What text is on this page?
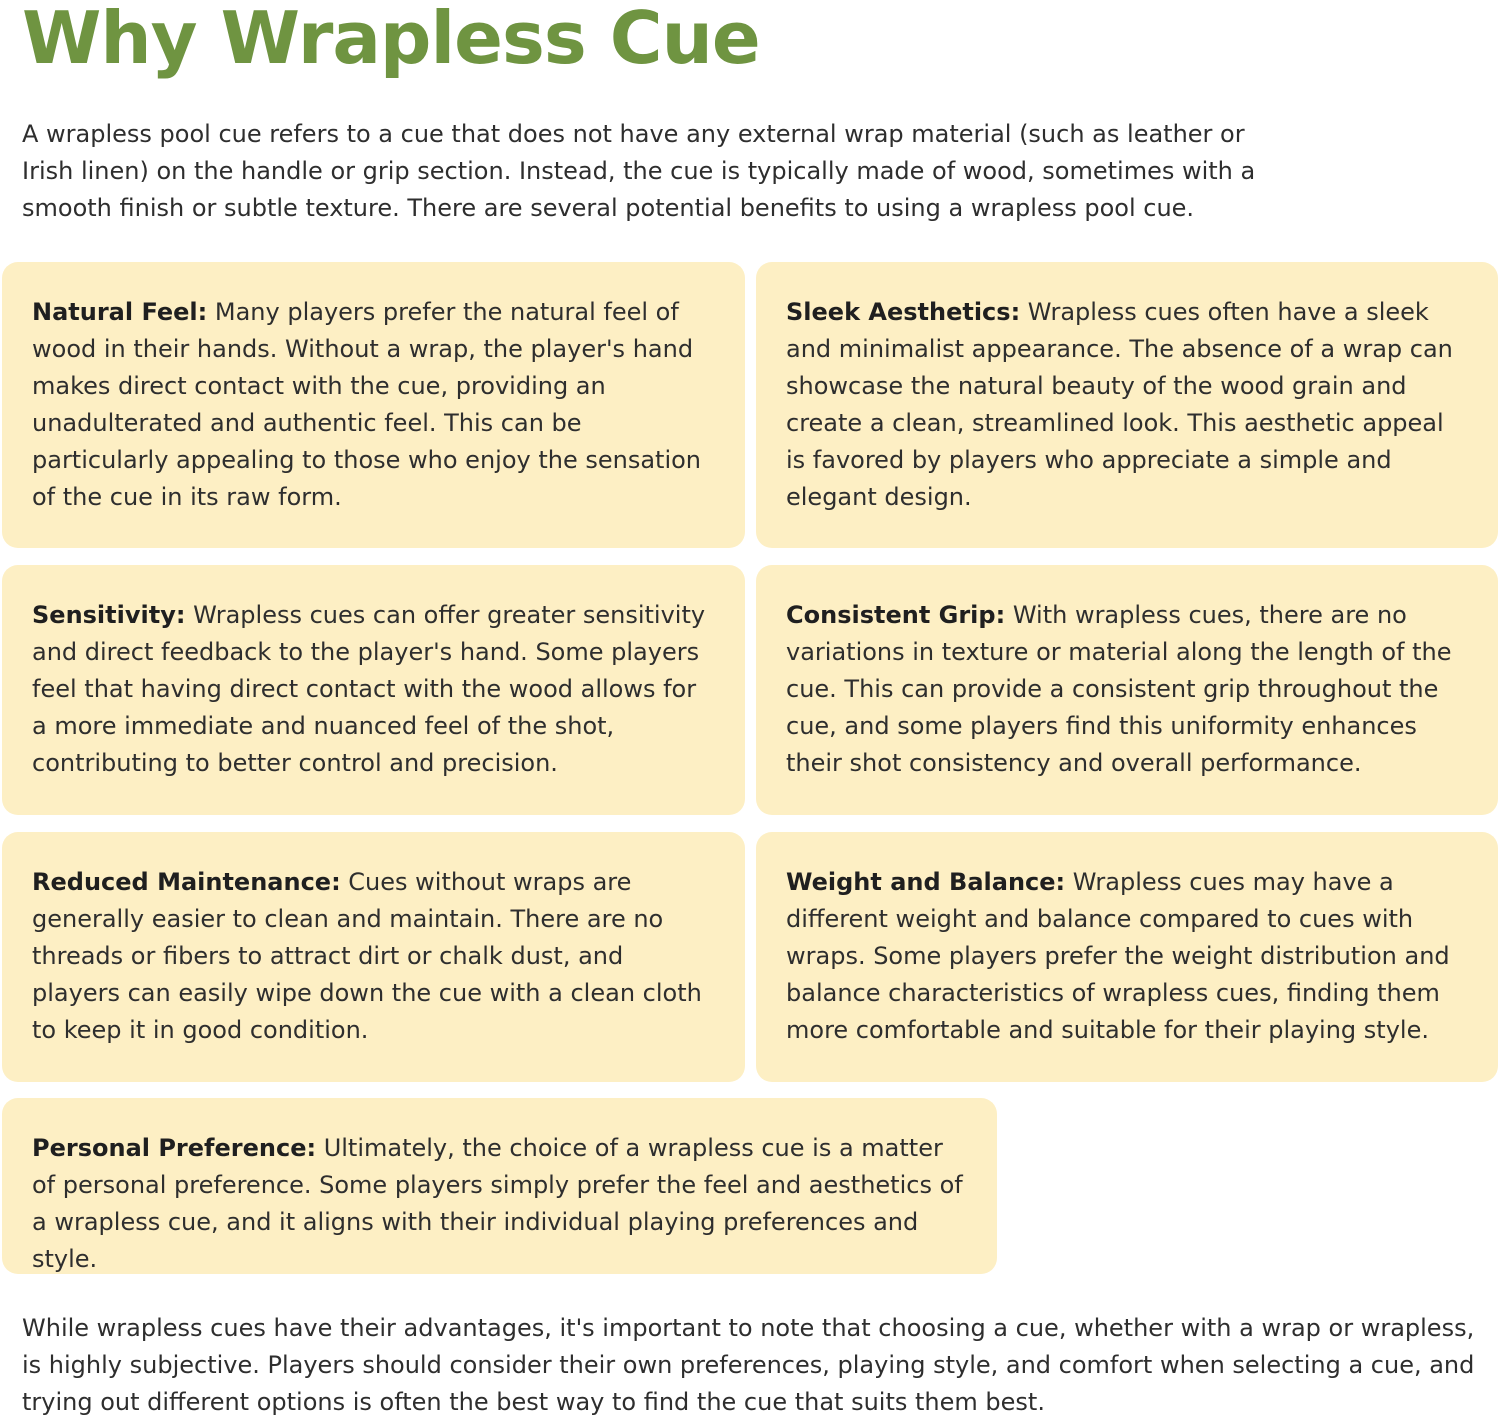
Why Wrapless Cue

A wrapless pool cue refers to a cue that does not have any external wrap material (such as leather or Irish linen) on the handle or grip section. Instead, the cue is typically made of wood, sometimes with a smooth finish or subtle texture. There are several potential benefits to using a wrapless pool cue.

Natural Feel: Many players prefer the natural feel of wood in their hands. Without a wrap, the player's hand makes direct contact with the cue, providing an unadulterated and authentic feel. This can be particularly appealing to those who enjoy the sensation of the cue in its raw form.
Sleek Aesthetics: Wrapless cues often have a sleek and minimalist appearance. The absence of a wrap can showcase the natural beauty of the wood grain and create a clean, streamlined look. This aesthetic appeal is favored by players who appreciate a simple and elegant design.
Sensitivity: Wrapless cues can offer greater sensitivity and direct feedback to the player's hand. Some players feel that having direct contact with the wood allows for a more immediate and nuanced feel of the shot, contributing to better control and precision.
Consistent Grip: With wrapless cues, there are no variations in texture or material along the length of the cue. This can provide a consistent grip throughout the cue, and some players find this uniformity enhances their shot consistency and overall performance.
Reduced Maintenance: Cues without wraps are generally easier to clean and maintain. There are no threads or fibers to attract dirt or chalk dust, and players can easily wipe down the cue with a clean cloth to keep it in good condition.
Weight and Balance: Wrapless cues may have a different weight and balance compared to cues with wraps. Some players prefer the weight distribution and balance characteristics of wrapless cues, finding them more comfortable and suitable for their playing style.
Personal Preference: Ultimately, the choice of a wrapless cue is a matter of personal preference. Some players simply prefer the feel and aesthetics of a wrapless cue, and it aligns with their individual playing preferences and style.

While wrapless cues have their advantages, it's important to note that choosing a cue, whether with a wrap or wrapless, is highly subjective. Players should consider their own preferences, playing style, and comfort when selecting a cue, and trying out different options is often the best way to find the cue that suits them best.
